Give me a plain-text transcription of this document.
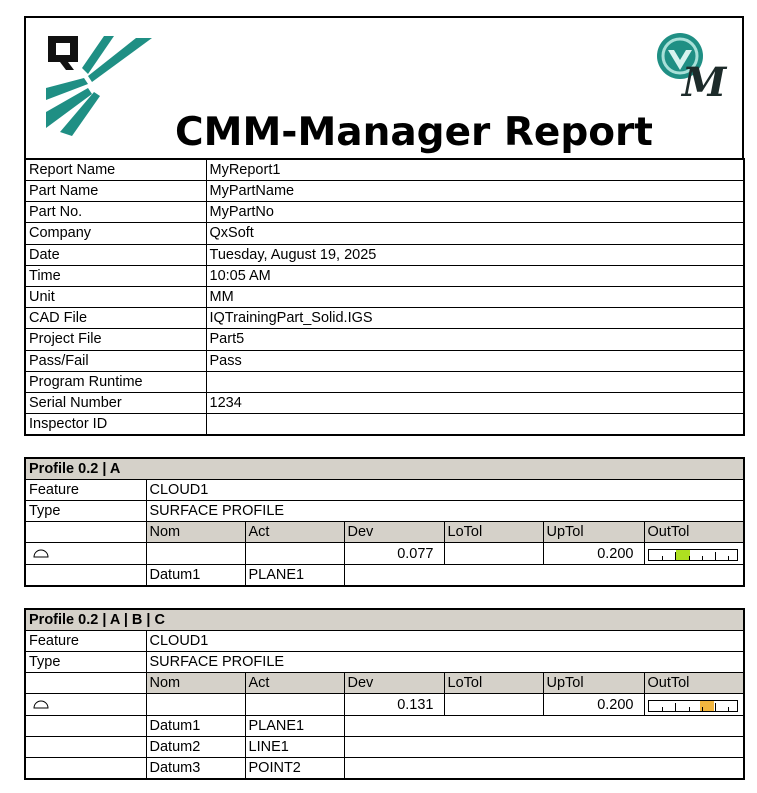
M
CMM-Manager Report
Report Name	MyReport1
Part Name	MyPartName
Part No.	MyPartNo
Company	QxSoft
Date	Tuesday, August 19, 2025
Time	10:05 AM
Unit	MM
CAD File	IQTrainingPart_Solid.IGS
Project File	Part5
Pass/Fail	Pass
Program Runtime	
Serial Number	1234
Inspector ID	
Profile 0.2 | A						
Feature	CLOUD1					
Type	SURFACE PROFILE					
	Nom	Act	Dev	LoTol	UpTol	OutTol
			0.077		0.200	

	Datum1	PLANE1				
Profile 0.2 | A | B | C						
Feature	CLOUD1					
Type	SURFACE PROFILE					
	Nom	Act	Dev	LoTol	UpTol	OutTol
			0.131		0.200	

	Datum1	PLANE1				
	Datum2	LINE1				
	Datum3	POINT2				
